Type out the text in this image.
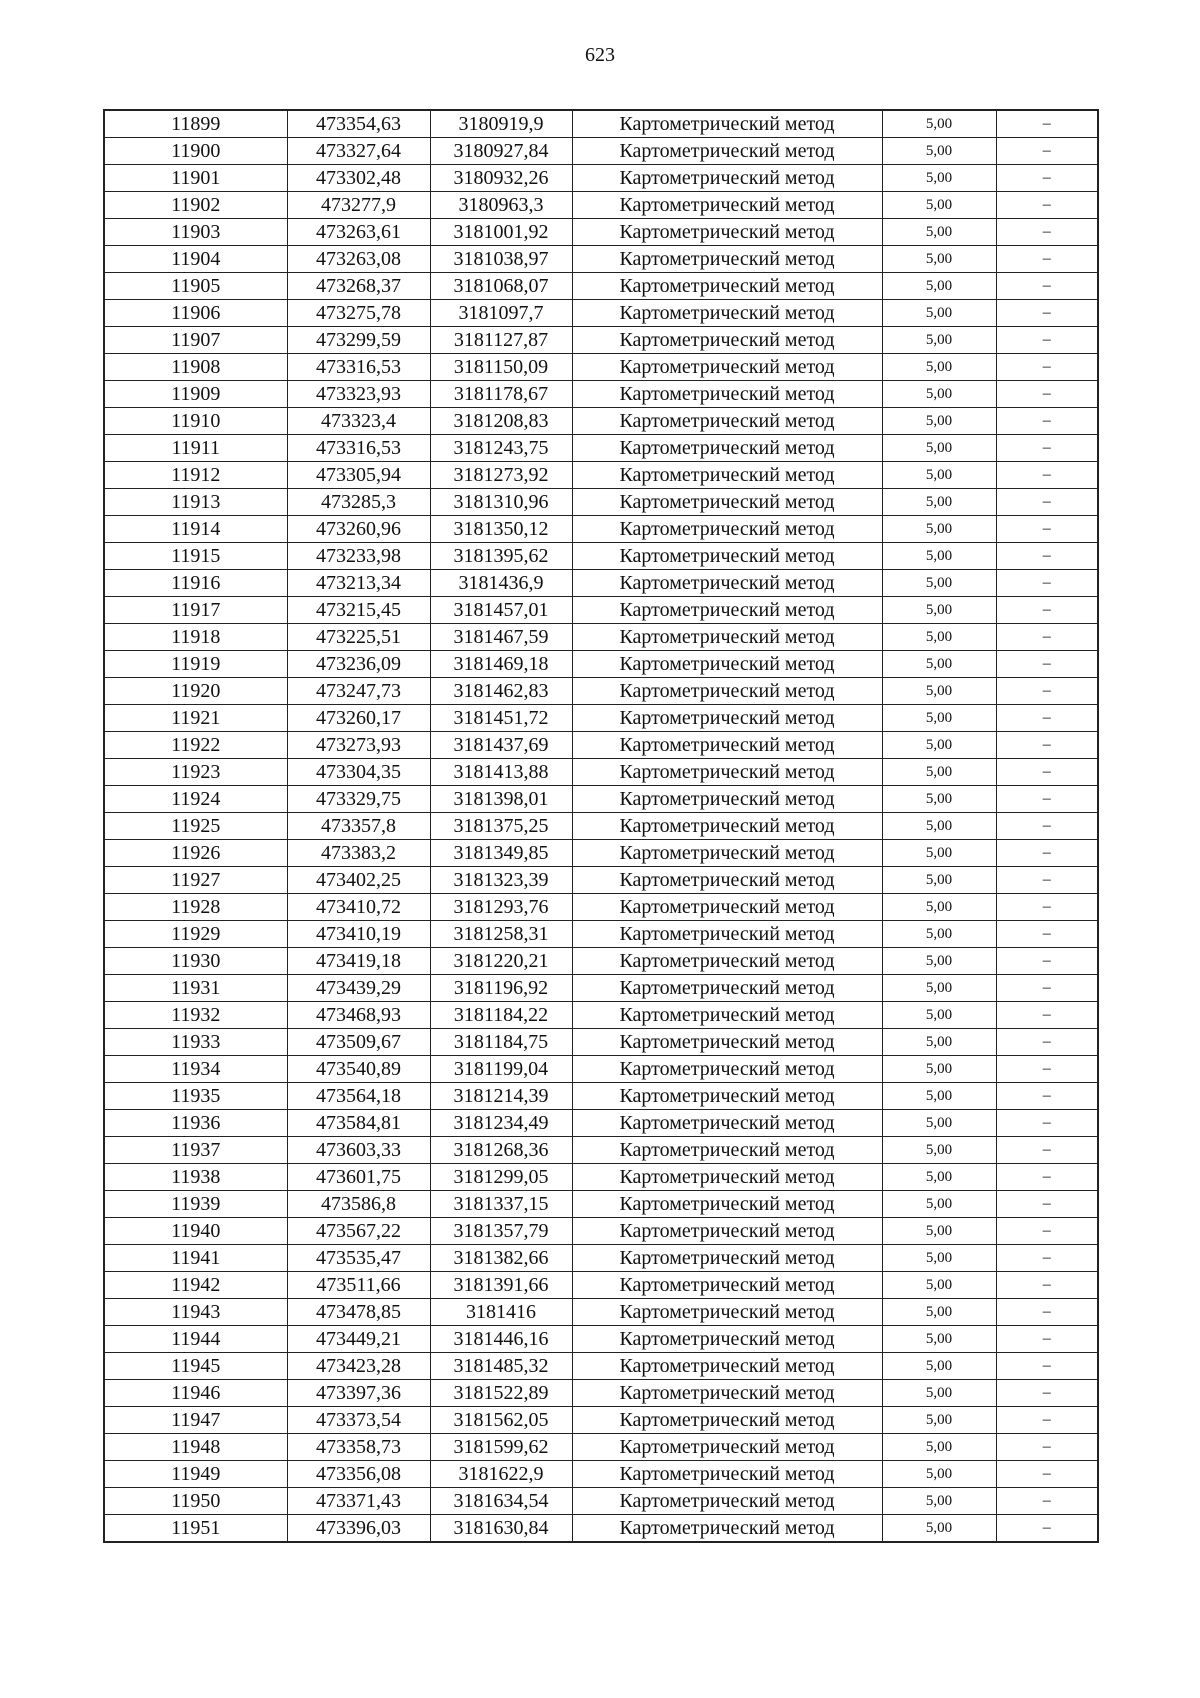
623
11899	473354,63	3180919,9	Картометрический метод	5,00	–
11900	473327,64	3180927,84	Картометрический метод	5,00	–
11901	473302,48	3180932,26	Картометрический метод	5,00	–
11902	473277,9	3180963,3	Картометрический метод	5,00	–
11903	473263,61	3181001,92	Картометрический метод	5,00	–
11904	473263,08	3181038,97	Картометрический метод	5,00	–
11905	473268,37	3181068,07	Картометрический метод	5,00	–
11906	473275,78	3181097,7	Картометрический метод	5,00	–
11907	473299,59	3181127,87	Картометрический метод	5,00	–
11908	473316,53	3181150,09	Картометрический метод	5,00	–
11909	473323,93	3181178,67	Картометрический метод	5,00	–
11910	473323,4	3181208,83	Картометрический метод	5,00	–
11911	473316,53	3181243,75	Картометрический метод	5,00	–
11912	473305,94	3181273,92	Картометрический метод	5,00	–
11913	473285,3	3181310,96	Картометрический метод	5,00	–
11914	473260,96	3181350,12	Картометрический метод	5,00	–
11915	473233,98	3181395,62	Картометрический метод	5,00	–
11916	473213,34	3181436,9	Картометрический метод	5,00	–
11917	473215,45	3181457,01	Картометрический метод	5,00	–
11918	473225,51	3181467,59	Картометрический метод	5,00	–
11919	473236,09	3181469,18	Картометрический метод	5,00	–
11920	473247,73	3181462,83	Картометрический метод	5,00	–
11921	473260,17	3181451,72	Картометрический метод	5,00	–
11922	473273,93	3181437,69	Картометрический метод	5,00	–
11923	473304,35	3181413,88	Картометрический метод	5,00	–
11924	473329,75	3181398,01	Картометрический метод	5,00	–
11925	473357,8	3181375,25	Картометрический метод	5,00	–
11926	473383,2	3181349,85	Картометрический метод	5,00	–
11927	473402,25	3181323,39	Картометрический метод	5,00	–
11928	473410,72	3181293,76	Картометрический метод	5,00	–
11929	473410,19	3181258,31	Картометрический метод	5,00	–
11930	473419,18	3181220,21	Картометрический метод	5,00	–
11931	473439,29	3181196,92	Картометрический метод	5,00	–
11932	473468,93	3181184,22	Картометрический метод	5,00	–
11933	473509,67	3181184,75	Картометрический метод	5,00	–
11934	473540,89	3181199,04	Картометрический метод	5,00	–
11935	473564,18	3181214,39	Картометрический метод	5,00	–
11936	473584,81	3181234,49	Картометрический метод	5,00	–
11937	473603,33	3181268,36	Картометрический метод	5,00	–
11938	473601,75	3181299,05	Картометрический метод	5,00	–
11939	473586,8	3181337,15	Картометрический метод	5,00	–
11940	473567,22	3181357,79	Картометрический метод	5,00	–
11941	473535,47	3181382,66	Картометрический метод	5,00	–
11942	473511,66	3181391,66	Картометрический метод	5,00	–
11943	473478,85	3181416	Картометрический метод	5,00	–
11944	473449,21	3181446,16	Картометрический метод	5,00	–
11945	473423,28	3181485,32	Картометрический метод	5,00	–
11946	473397,36	3181522,89	Картометрический метод	5,00	–
11947	473373,54	3181562,05	Картометрический метод	5,00	–
11948	473358,73	3181599,62	Картометрический метод	5,00	–
11949	473356,08	3181622,9	Картометрический метод	5,00	–
11950	473371,43	3181634,54	Картометрический метод	5,00	–
11951	473396,03	3181630,84	Картометрический метод	5,00	–
